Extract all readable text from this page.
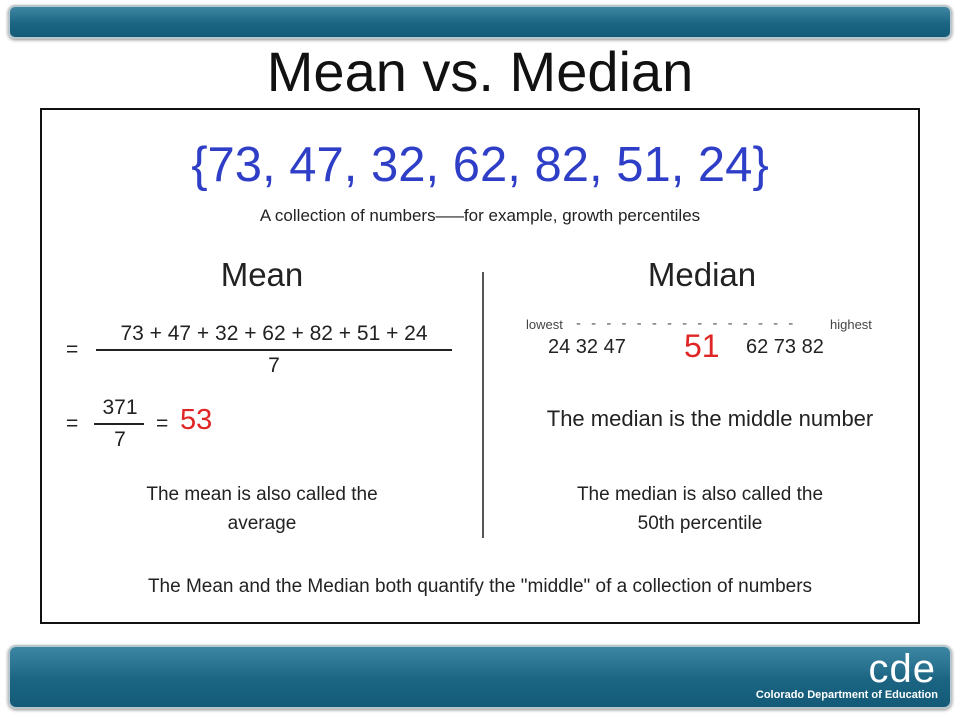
Mean vs. Median
{73, 47, 32, 62, 82, 51, 24}
A collection of numbers–––for example, growth percentiles
Mean	Median
=
73 + 47 + 32 + 62 + 82 + 51 + 24
7
=
371
7
= 53
The mean is also called the average
lowest - - - - - - - - - - - - - - -	highest
24 32 47 51 62 73 82
The median is the middle number
The median is also called the 50th percentile
The Mean and the Median both quantify the "middle" of a collection of numbers
cde
Colorado Department of Education
